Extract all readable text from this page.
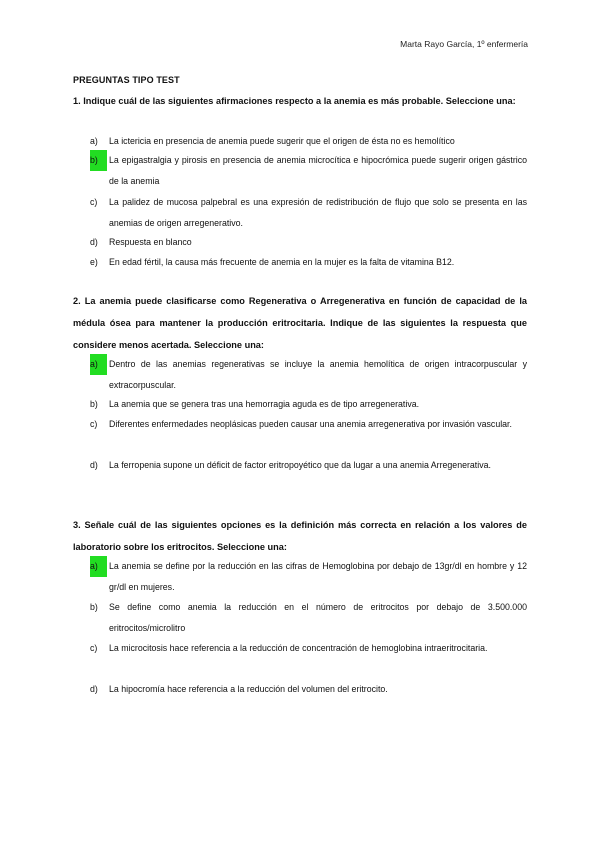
Marta Rayo García, 1º enfermería
PREGUNTAS TIPO TEST
1. Indique cuál de las siguientes afirmaciones respecto a la anemia es más probable. Seleccione una:
a)	La ictericia en presencia de anemia puede sugerir que el origen de ésta no es hemolítico
b)	La epigastralgia y pirosis en presencia de anemia microcítica e hipocrómica puede sugerir origen gástrico de la anemia
c)	La palidez de mucosa palpebral es una expresión de redistribución de flujo que solo se presenta en las anemias de origen arregenerativo.
d)	Respuesta en blanco
e)	En edad fértil, la causa más frecuente de anemia en la mujer es la falta de vitamina B12.
2. La anemia puede clasificarse como Regenerativa o Arregenerativa en función de capacidad de la médula ósea para mantener la producción eritrocitaria. Indique de las siguientes la respuesta que considere menos acertada. Seleccione una:
a)	Dentro de las anemias regenerativas se incluye la anemia hemolítica de origen intracorpuscular y extracorpuscular.
b)	La anemia que se genera tras una hemorragia aguda es de tipo arregenerativa.
c)	Diferentes enfermedades neoplásicas pueden causar una anemia arregenerativa por invasión vascular.
d)	La ferropenia supone un déficit de factor eritropoyético que da lugar a una anemia Arregenerativa.
3. Señale cuál de las siguientes opciones es la definición más correcta en relación a los valores de laboratorio sobre los eritrocitos. Seleccione una:
a)	La anemia se define por la reducción en las cifras de Hemoglobina por debajo de 13gr/dl en hombre y 12 gr/dl en mujeres.
b)	Se define como anemia la reducción en el número de eritrocitos por debajo de 3.500.000 eritrocitos/microlitro
c)	La microcitosis hace referencia a la reducción de concentración de hemoglobina intraeritrocitaria.
d)	La hipocromía hace referencia a la reducción del volumen del eritrocito.
